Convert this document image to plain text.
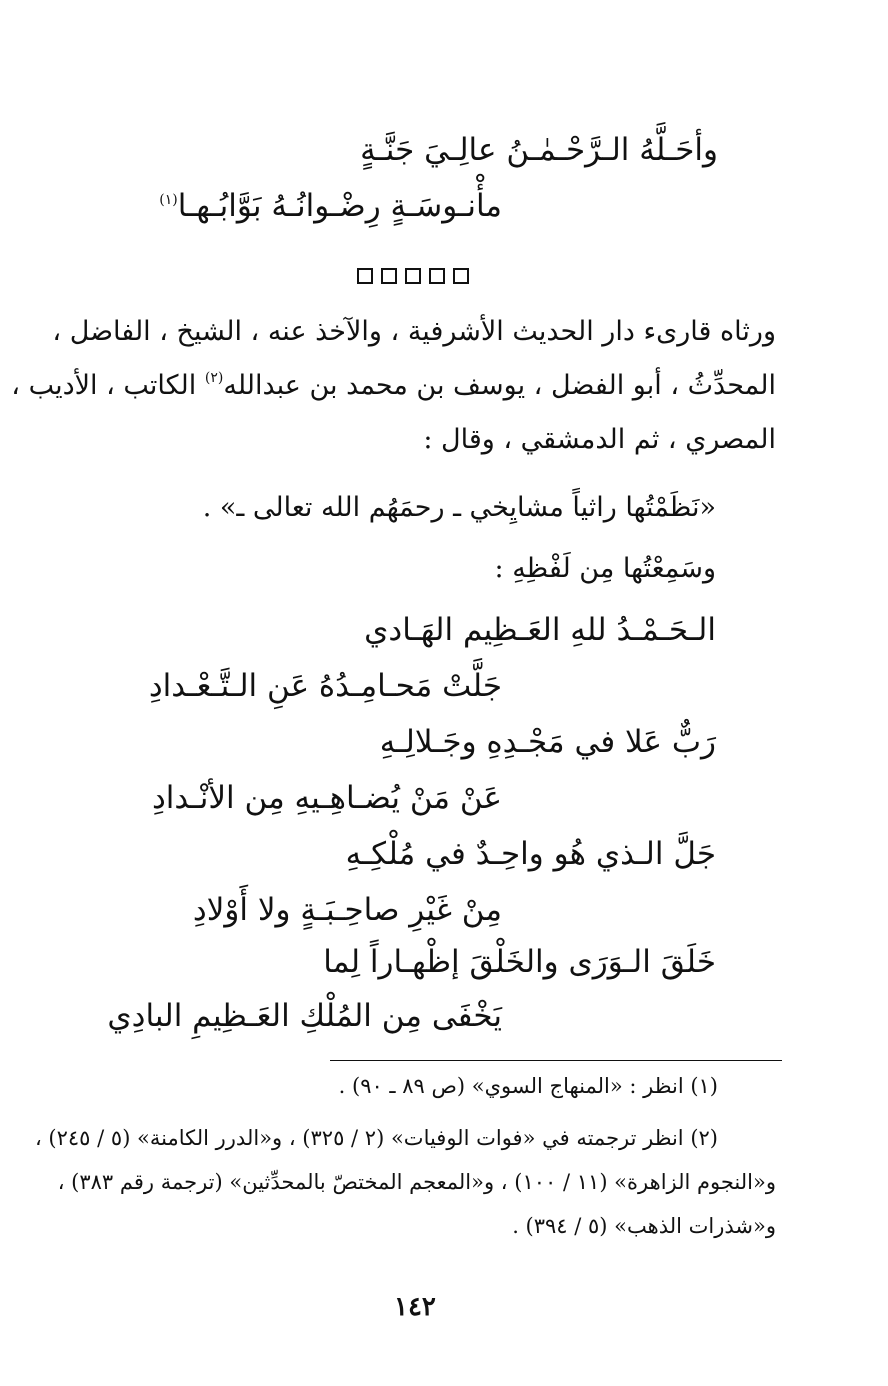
وأحَـلَّهُ الـرَّحْـمٰـنُ عالِـيَ جَنَّـةٍ
مأْنـوسَـةٍ رِضْـوانُـهُ بَوَّابُـهـا$^{(١)}$
ورثاه قارىء دار الحديث الأشرفية ، والآخذ عنه ، الشيخ ، الفاضل ،
المحدِّثُ ، أبو الفضل ، يوسف بن محمد بن عبدالله$^{(٢)}$ الكاتب ، الأديب ،
المصري ، ثم الدمشقي ، وقال :
«نَظَمْتُها راثياً مشايِخي ـ رحمَهُم الله تعالى ـ» .
وسَمِعْتُها مِن لَفْظِهِ :
الـحَـمْـدُ للهِ العَـظِيم الهَـادي
جَلَّتْ مَحـامِـدُهُ عَنِ الـتَّـعْـدادِ
رَبٌّ عَلا في مَجْـدِهِ وجَـلالِـهِ
عَنْ مَنْ يُضـاهِـيهِ مِن الأنْـدادِ
جَلَّ الـذي هُو واحِـدٌ في مُلْكِـهِ
مِنْ غَيْرِ صاحِـبَـةٍ ولا أَوْلادِ
خَلَقَ الـوَرَى والخَلْقَ إظْهـاراً لِما
يَخْفَى مِن المُلْكِ العَـظِيمِ البادِي
(١) انظر : «المنهاج السوي» (ص ٨٩ ـ ٩٠) .
(٢) انظر ترجمته في «فوات الوفيات» (٢ / ٣٢٥) ، و«الدرر الكامنة» (٥ / ٢٤٥) ،
و«النجوم الزاهرة» (١١ / ١٠٠) ، و«المعجم المختصّ بالمحدِّثين» (ترجمة رقم ٣٨٣) ،
و«شذرات الذهب» (٥ / ٣٩٤) .
١٤٢
